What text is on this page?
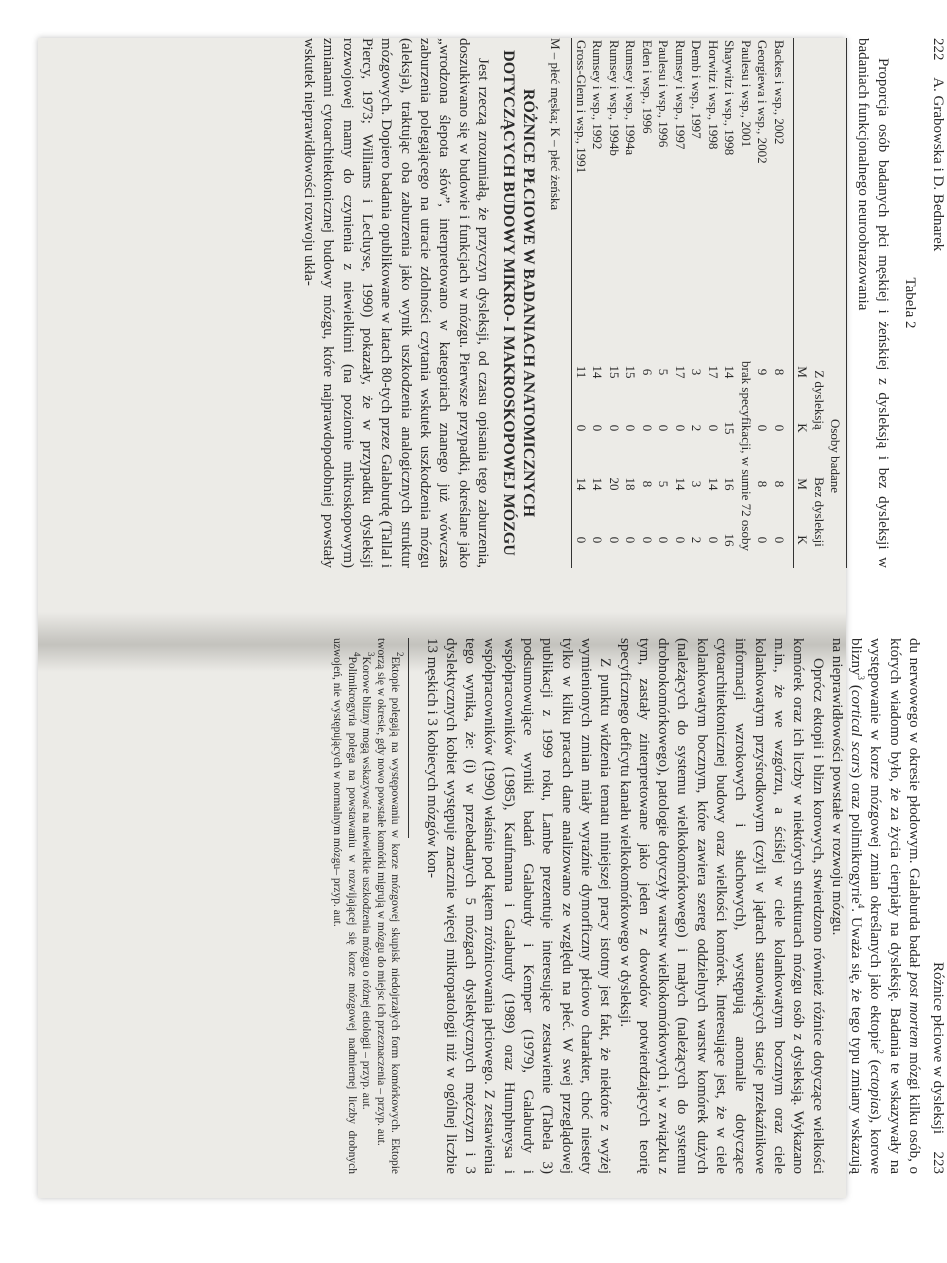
222  A. Grabowska i D. Bednarek
Tabela 2

Proporcja osób badanych płci męskiej i żeńskiej z dysleksją i bez dysleksji w badaniach funkcjonalnego neuroobrazowania

	Osoby badane			
	Z dysleksją		Bez dysleksji	
	M	K	M	K

Backes i wsp., 2002	8	0	8	0
Georgiewa i wsp., 2002	9	0	8	0
Paulesu i wsp., 2001	brak specyfikacji, w sumie 72 osoby			
Shaywitz i wsp., 1998	14	15	16	16
Horwitz i wsp., 1998	17	0	14	0
Demb i wsp., 1997	3	2	3	2
Rumsey i wsp., 1997	17	0	14	0
Paulesu i wsp., 1996	5	0	5	0
Eden i wsp., 1996	6	0	8	0
Rumsey i wsp., 1994a	15	0	18	0
Rumsey i wsp., 1994b	15	0	20	0
Rumsey i wsp., 1992	14	0	14	0
Gross-Glenn i wsp., 1991	11	0	14	0
M – płeć męska; K – płeć żeńska
RÓŻNICE PŁCIOWE W BADANIACH ANATOMICZNYCH DOTYCZĄCYCH BUDOWY MIKRO- I MAKROSKOPOWEJ MÓZGU

Jest rzeczą zrozumiałą, że przyczyn dysleksji, od czasu opisania tego zaburzenia, doszukiwano się w budowie i funkcjach w mózgu. Pierwsze przypadki, określane jako „wrodzona ślepota słów”, interpretowano w kategoriach znanego już wówczas zaburzenia polegającego na utracie zdolności czytania wskutek uszkodzenia mózgu (aleksja), traktując oba zaburzenia jako wynik uszkodzenia analogicznych struktur mózgowych. Dopiero badania opublikowane w latach 80-tych przez Galaburdę (Tallal i Piercy, 1973; Williams i Lecluyse, 1990) pokazały, że w przypadku dysleksji rozwojowej mamy do czynienia z niewielkimi (na poziomie mikroskopowym) zmianami cytoarchitektonicznej budowy mózgu, które najprawdopodobniej powstały wskutek nieprawidłowości rozwoju ukła-

Różnice płciowe w dysleksji  223

du nerwowego w okresie płodowym. Galaburda badał post mortem mózgi kilku osób, o których wiadomo było, że za życia cierpiały na dysleksję. Badania te wskazywały na występowanie w korze mózgowej zmian określanych jako ektopie$^2$ (ectopias), korowe blizny$^3$ (cortical scars) oraz polimikrogyrie$^4$. Uważa się, że tego typu zmiany wskazują na nieprawidłowości powstałe w rozwoju mózgu.

Oprócz ektopii i blizn korowych, stwierdzono również różnice dotyczące wielkości komórek oraz ich liczby w niektórych strukturach mózgu osób z dysleksją. Wykazano m.in., że we wzgórzu, a ściślej w ciele kolankowatym bocznym oraz ciele kolankowatym przyśrodkowym (czyli w jądrach stanowiących stacje przekaźnikowe informacji wzrokowych i słuchowych), występują anomalie dotyczące cytoarchitektonicznej budowy oraz wielkości komórek. Interesujące jest, że w ciele kolankowatym bocznym, które zawiera szereg oddzielnych warstw komórek dużych (należących do systemu wielkokomórkowego) i małych (należących do systemu drobnokomórkowego), patologie dotyczyły warstw wielkokomórkowych i, w związku z tym, zastały zinterpretowane jako jeden z dowodów potwierdzających teorię specyficznego deficytu kanału wielkokomórkowego w dysleksji.

Z punktu widzenia tematu niniejszej pracy istotny jest fakt, że niektóre z wyżej wymienionych zmian miały wyraźnie dymorficzny płciowo charakter, choć niestety tylko w kilku pracach dane analizowano ze względu na płeć. W swej przeglądowej publikacji z 1999 roku, Lambe prezentuje interesujące zestawienie (Tabela 3) podsumowujące wyniki badań Galaburdy i Kemper (1979), Galaburdy i współpracowników (1985), Kaufmanna i Galaburdy (1989) oraz Humphreysa i współpracowników (1990) właśnie pod kątem zróżnicowania płciowego. Z zestawienia tego wynika, że: (i) w przebadanych 5 mózgach dyslektycznych mężczyzn i 3 dyslektycznych kobiet występuje znacznie więcej mikropatologii niż w ogólnej liczbie 13 męskich i 3 kobiecych mózgów kon-

$^2$Ektopie polegają na występowaniu w korze mózgowej skupisk niedojrzałych form komórkowych. Ektopie tworzą się w okresie, gdy nowo powstałe komórki migrują w mózgu do miejsc ich przeznaczenia – przyp. aut.

$^3$Korowe blizny mogą wskazywać na niewielkie uszkodzenia mózgu o różnej etiologii – przyp. aut.

$^4$Polimikrogyria polega na powstawaniu w rozwijającej się korze mózgowej nadmiernej liczby drobnych uzwojeń, nie występujących w normalnym mózgu– przyp. aut.
